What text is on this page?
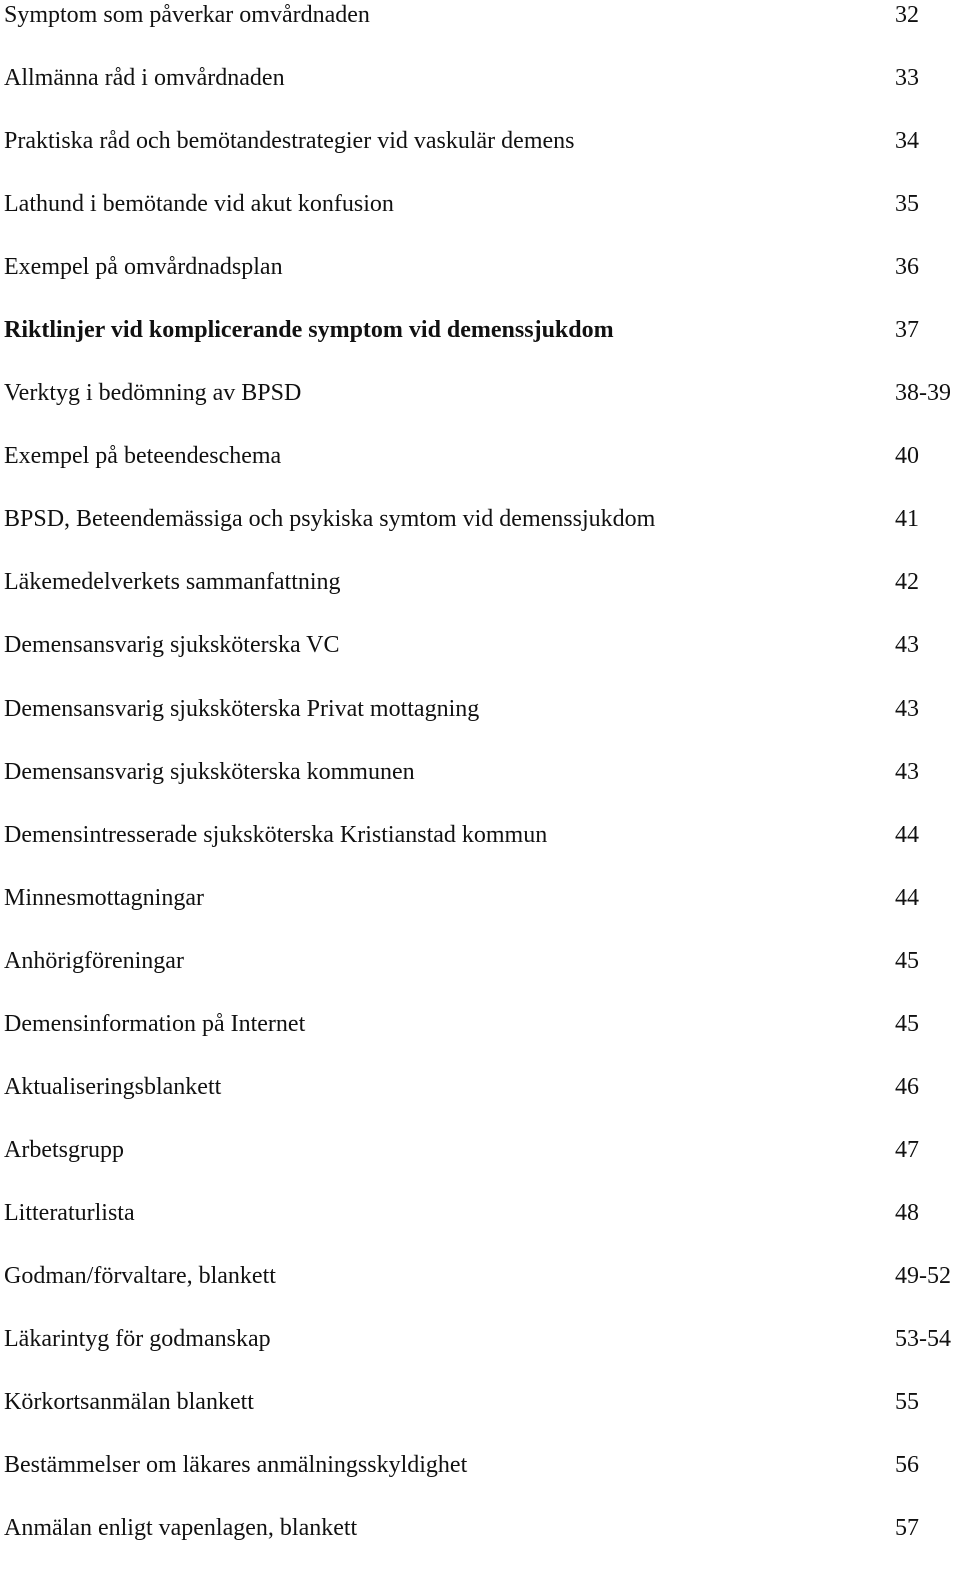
Symptom som påverkar omvårdnaden	32
Allmänna råd i omvårdnaden	33
Praktiska råd och bemötandestrategier vid vaskulär demens	34
Lathund i bemötande vid akut konfusion	35
Exempel på omvårdnadsplan	36
Riktlinjer vid komplicerande symptom vid demenssjukdom	37
Verktyg i bedömning av BPSD	38-39
Exempel på beteendeschema	40
BPSD, Beteendemässiga och psykiska symtom vid demenssjukdom	41
Läkemedelverkets sammanfattning	42
Demensansvarig sjuksköterska VC	43
Demensansvarig sjuksköterska Privat mottagning	43
Demensansvarig sjuksköterska kommunen	43
Demensintresserade sjuksköterska Kristianstad kommun	44
Minnesmottagningar	44
Anhörigföreningar	45
Demensinformation på Internet	45
Aktualiseringsblankett	46
Arbetsgrupp	47
Litteraturlista	48
Godman/förvaltare, blankett	49-52
Läkarintyg för godmanskap	53-54
Körkortsanmälan blankett	55
Bestämmelser om läkares anmälningsskyldighet	56
Anmälan enligt vapenlagen, blankett	57
